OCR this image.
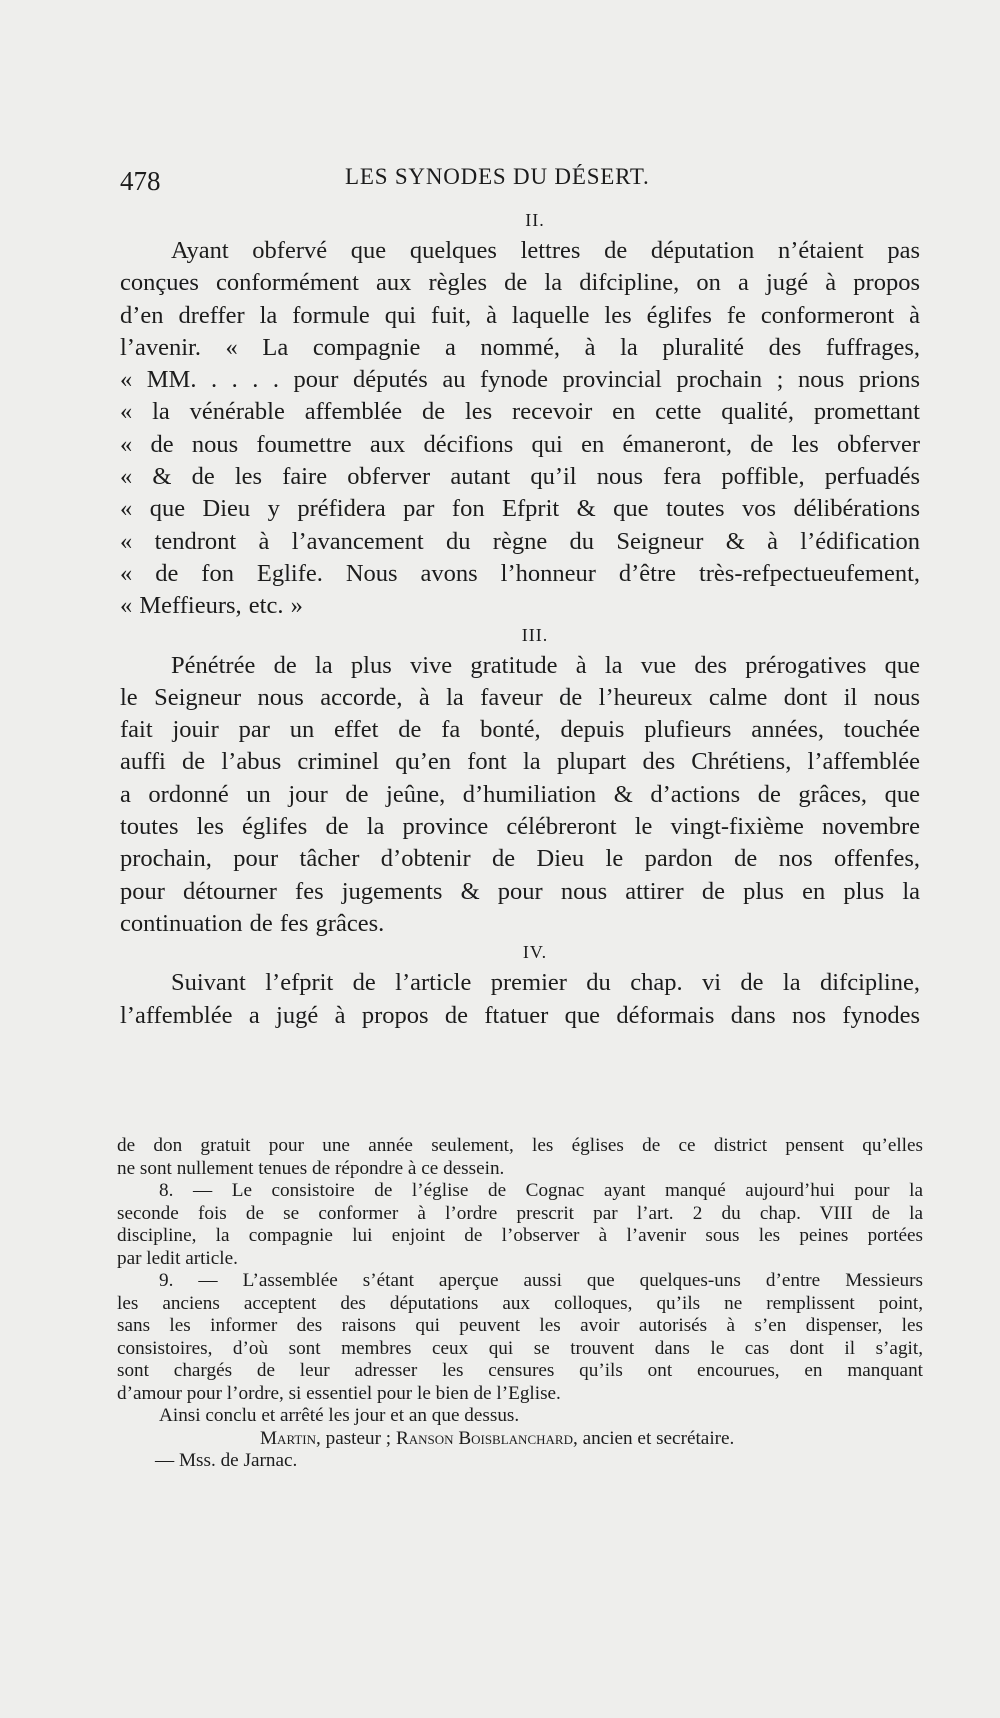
478	LES SYNODES DU DÉSERT.
II.
Ayant obfervé que quelques lettres de députation n’étaient pas
conçues conformément aux règles de la difcipline, on a jugé à propos
d’en dreffer la formule qui fuit, à laquelle les églifes fe conformeront à
l’avenir. « La compagnie a nommé, à la pluralité des fuffrages,
« MM. . . . . pour députés au fynode provincial prochain ; nous prions
« la vénérable affemblée de les recevoir en cette qualité, promettant
« de nous foumettre aux décifions qui en émaneront, de les obferver
« & de les faire obferver autant qu’il nous fera poffible, perfuadés
« que Dieu y préfidera par fon Efprit & que toutes vos délibérations
« tendront à l’avancement du règne du Seigneur & à l’édification
« de fon Eglife. Nous avons l’honneur d’être très-refpectueufement,
« Meffieurs, etc. »
III.
Pénétrée de la plus vive gratitude à la vue des prérogatives que
le Seigneur nous accorde, à la faveur de l’heureux calme dont il nous
fait jouir par un effet de fa bonté, depuis plufieurs années, touchée
auffi de l’abus criminel qu’en font la plupart des Chrétiens, l’affemblée
a ordonné un jour de jeûne, d’humiliation & d’actions de grâces, que
toutes les églifes de la province célébreront le vingt-fixième novembre
prochain, pour tâcher d’obtenir de Dieu le pardon de nos offenfes,
pour détourner fes jugements & pour nous attirer de plus en plus la
continuation de fes grâces.
IV.
Suivant l’efprit de l’article premier du chap. vi de la difcipline,
l’affemblée a jugé à propos de ftatuer que déformais dans nos fynodes
de don gratuit pour une année seulement, les églises de ce district pensent qu’elles
ne sont nullement tenues de répondre à ce dessein.
8. — Le consistoire de l’église de Cognac ayant manqué aujourd’hui pour la
seconde fois de se conformer à l’ordre prescrit par l’art. 2 du chap. VIII de la
discipline, la compagnie lui enjoint de l’observer à l’avenir sous les peines portées
par ledit article.
9. — L’assemblée s’étant aperçue aussi que quelques-uns d’entre Messieurs
les anciens acceptent des députations aux colloques, qu’ils ne remplissent point,
sans les informer des raisons qui peuvent les avoir autorisés à s’en dispenser, les
consistoires, d’où sont membres ceux qui se trouvent dans le cas dont il s’agit,
sont chargés de leur adresser les censures qu’ils ont encourues, en manquant
d’amour pour l’ordre, si essentiel pour le bien de l’Eglise.
Ainsi conclu et arrêté les jour et an que dessus.
Martin, pasteur ; Ranson Boisblanchard, ancien et secrétaire.
— Mss. de Jarnac.
